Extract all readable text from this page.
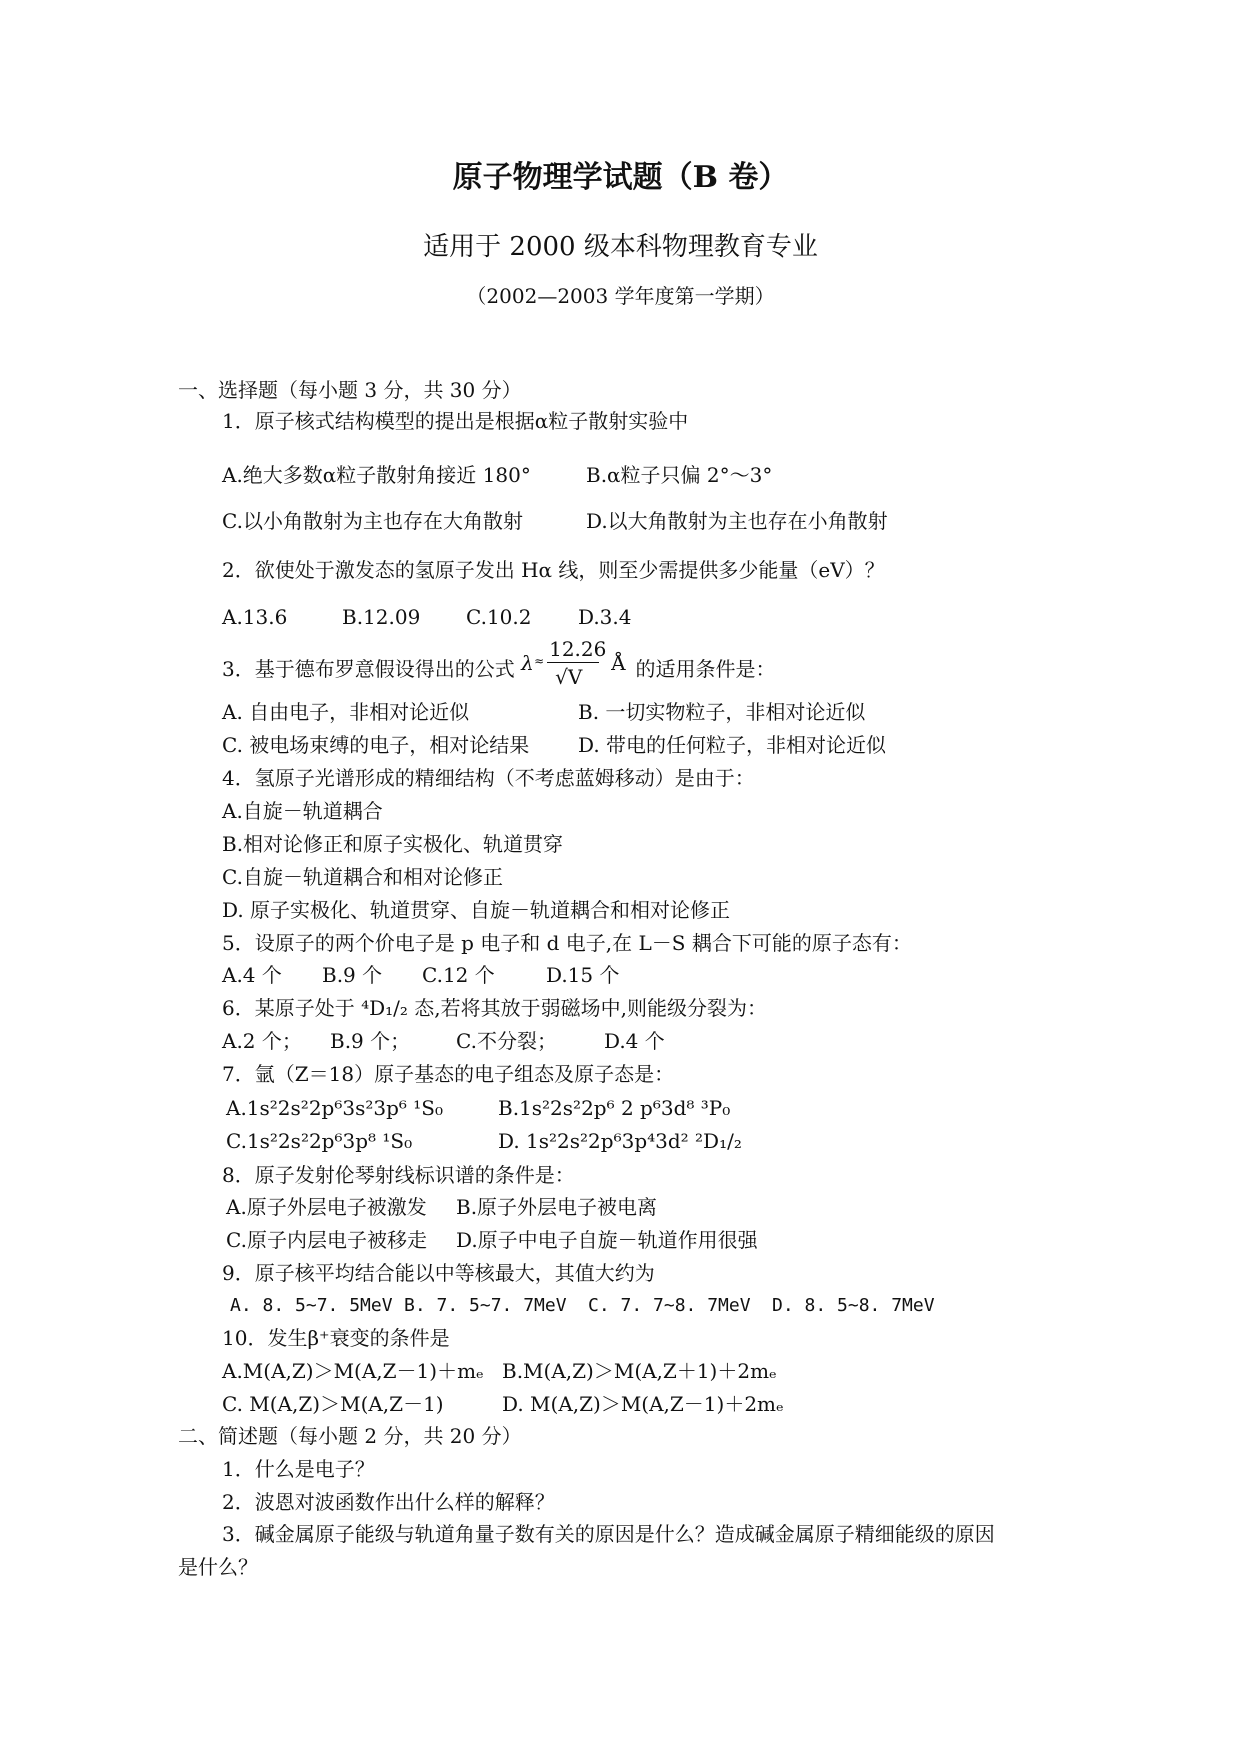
原子物理学试题（B 卷）
适用于 2000 级本科物理教育专业
（2002—2003 学年度第一学期）
一、选择题（每小题 3 分，共 30 分）
1．原子核式结构模型的提出是根据α粒子散射实验中
A.绝大多数α粒子散射角接近 180°	B.α粒子只偏 2°～3°
C.以小角散射为主也存在大角散射	D.以大角散射为主也存在小角散射
2．欲使处于激发态的氢原子发出 Hα 线，则至少需提供多少能量（eV）？
A.13.6	B.12.09 C.10.2 D.3.4
3．基于德布罗意假设得出的公式 λ ≈ 12.26
√V
Å 的适用条件是：
A. 自由电子，非相对论近似	B. 一切实物粒子，非相对论近似
C. 被电场束缚的电子，相对论结果 D. 带电的任何粒子，非相对论近似
4．氢原子光谱形成的精细结构（不考虑蓝姆移动）是由于：
A.自旋－轨道耦合
B.相对论修正和原子实极化、轨道贯穿
C.自旋－轨道耦合和相对论修正
D. 原子实极化、轨道贯穿、自旋－轨道耦合和相对论修正
5．设原子的两个价电子是 p 电子和 d 电子,在 L－S 耦合下可能的原子态有：
A.4 个 B.9 个 C.12 个	D.15 个
6．某原子处于 ⁴D₁/₂ 态,若将其放于弱磁场中,则能级分裂为：
A.2 个； B.9 个； C.不分裂； D.4 个
7．氩（Z＝18）原子基态的电子组态及原子态是：
A.1s²2s²2p⁶3s²3p⁶ ¹S₀	B.1s²2s²2p⁶ 2 p⁶3d⁸ ³P₀
C.1s²2s²2p⁶3p⁸ ¹S₀	D. 1s²2s²2p⁶3p⁴3d² ²D₁/₂
8．原子发射伦琴射线标识谱的条件是：
A.原子外层电子被激发 B.原子外层电子被电离
C.原子内层电子被移走 D.原子中电子自旋－轨道作用很强
9．原子核平均结合能以中等核最大，其值大约为
A. 8. 5~7. 5MeV B. 7. 5~7. 7MeV C. 7. 7~8. 7MeV D. 8. 5~8. 7MeV
10．发生β⁺衰变的条件是
A.M(A,Z)＞M(A,Z－1)＋mₑ B.M(A,Z)＞M(A,Z＋1)＋2mₑ
C. M(A,Z)＞M(A,Z－1)	D. M(A,Z)＞M(A,Z－1)＋2mₑ
二、简述题（每小题 2 分，共 20 分）
1．什么是电子？
2．波恩对波函数作出什么样的解释？
3．碱金属原子能级与轨道角量子数有关的原因是什么？造成碱金属原子精细能级的原因
是什么？
